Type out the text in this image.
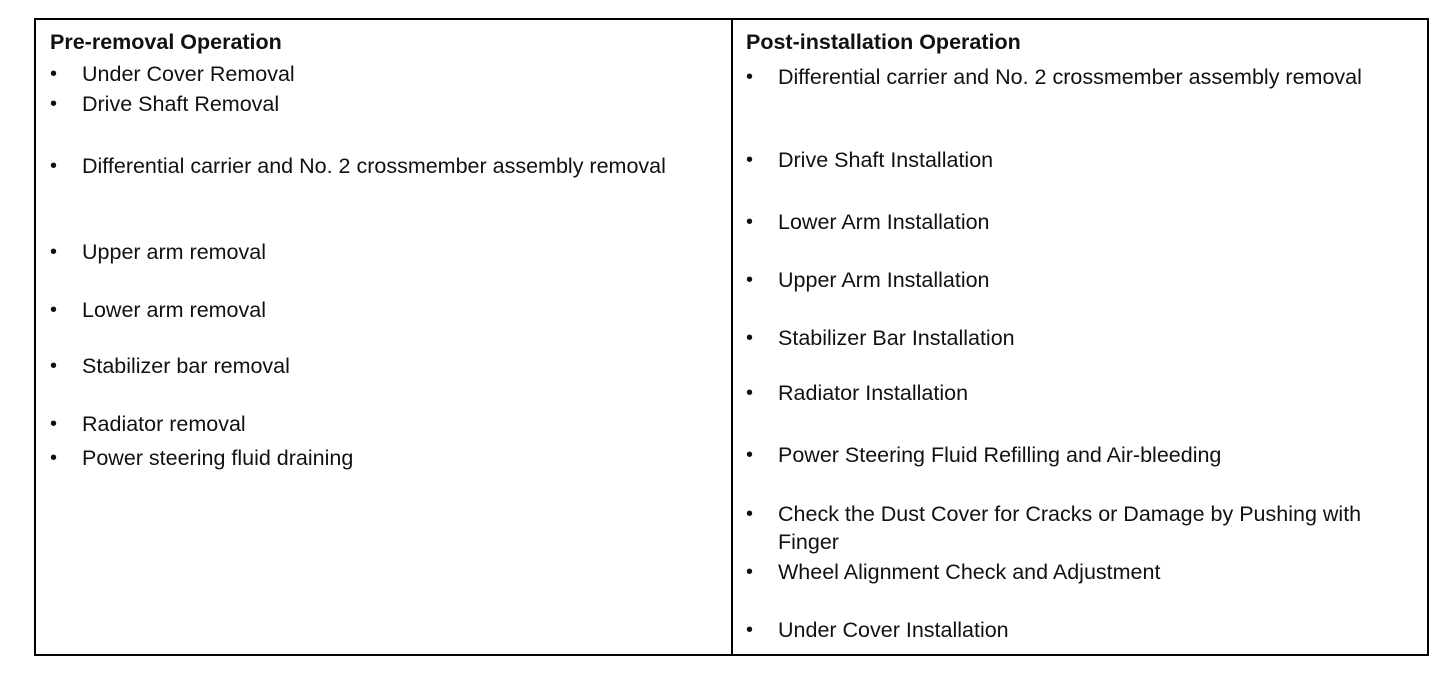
Pre-removal Operation
•	Under Cover Removal
•	Drive Shaft Removal
•	Differential carrier and No. 2 crossmember assembly removal
•	Upper arm removal
•	Lower arm removal
•	Stabilizer bar removal
•	Radiator removal
•	Power steering fluid draining
Post-installation Operation
•	Differential carrier and No. 2 crossmember assembly removal
•	Drive Shaft Installation
•	Lower Arm Installation
•	Upper Arm Installation
•	Stabilizer Bar Installation
•	Radiator Installation
•	Power Steering Fluid Refilling and Air-bleeding
•	Check the Dust Cover for Cracks or Damage by Pushing with Finger
•	Wheel Alignment Check and Adjustment
•	Under Cover Installation
